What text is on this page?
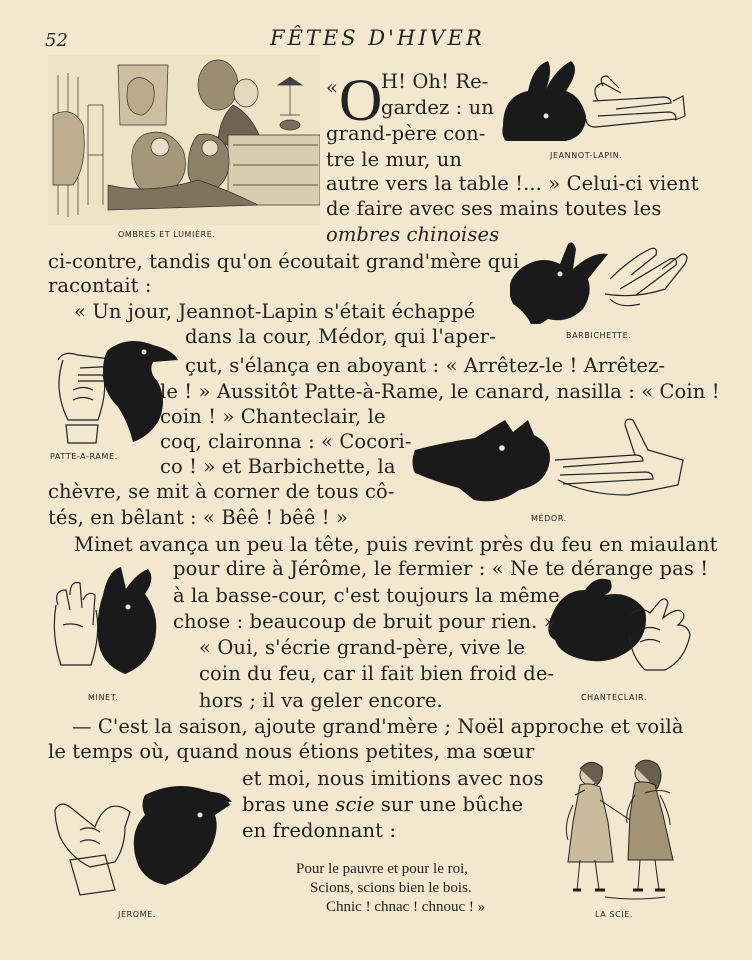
52	FÊTES D'HIVER
OMBRES ET LUMIÈRE.
JEANNOT-LAPIN.
BARBICHETTE.
PATTE-A-RAME.
MÉDOR.
MINET.	CHANTECLAIR.
JÉROME.	LA SCIE.
« O
H! Oh! Re-
gardez : un
grand-père con-
tre le mur, un
autre vers la table !... » Celui-ci vient
de faire avec ses mains toutes les
ombres chinoises
ci-contre, tandis qu'on écoutait grand'mère qui
racontait :
« Un jour, Jeannot-Lapin s'était échappé
dans la cour, Médor, qui l'aper-
çut, s'élança en aboyant : « Arrêtez-le ! Arrêtez-
le ! » Aussitôt Patte-à-Rame, le canard, nasilla : « Coin !
coin ! » Chanteclair, le
coq, claironna : « Cocori-
co ! » et Barbichette, la
chèvre, se mit à corner de tous cô-
tés, en bêlant : « Bêê ! bêê ! »
Minet avança un peu la tête, puis revint près du feu en miaulant
pour dire à Jérôme, le fermier : « Ne te dérange pas !
à la basse-cour, c'est toujours la même
chose : beaucoup de bruit pour rien. »
« Oui, s'écrie grand-père, vive le
coin du feu, car il fait bien froid de-
hors ; il va geler encore.
— C'est la saison, ajoute grand'mère ; Noël approche et voilà
le temps où, quand nous étions petites, ma sœur
et moi, nous imitions avec nos
bras une scie sur une bûche
en fredonnant :
Pour le pauvre et pour le roi,
Scions, scions bien le bois.
Chnic ! chnac ! chnouc ! »
